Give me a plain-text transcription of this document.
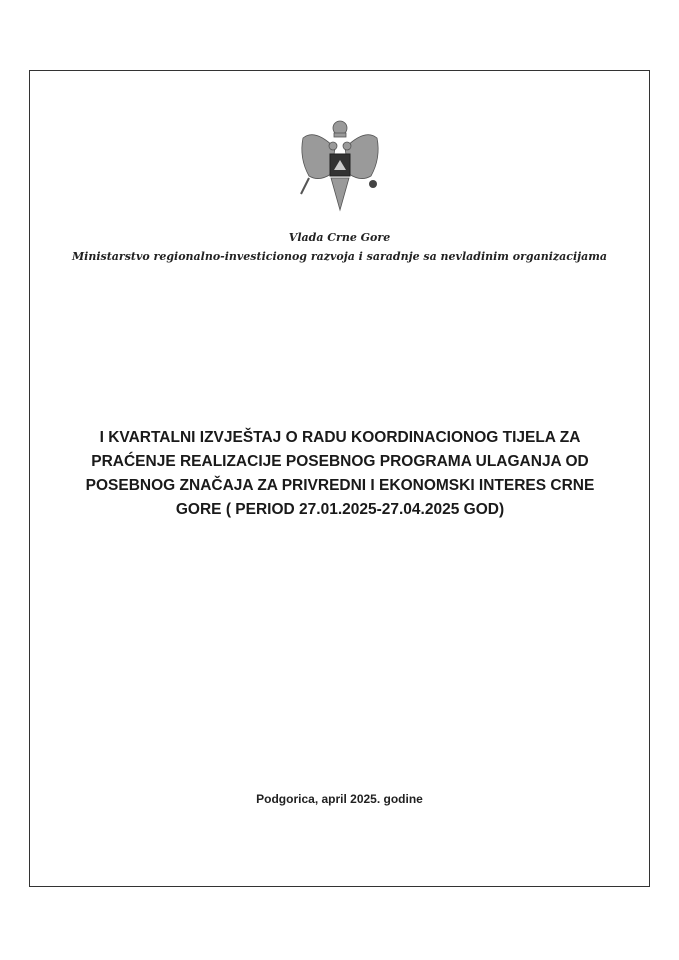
Vlada Crne Gore
Ministarstvo regionalno-investicionog razvoja i saradnje sa nevladinim organizacijama
I KVARTALNI IZVJEŠTAJ O RADU KOORDINACIONOG TIJELA ZA
PRAĆENJE REALIZACIJE POSEBNOG PROGRAMA ULAGANJA OD
POSEBNOG ZNAČAJA ZA PRIVREDNI I EKONOMSKI INTERES CRNE
GORE ( PERIOD 27.01.2025-27.04.2025 GOD)
Podgorica, april 2025. godine
